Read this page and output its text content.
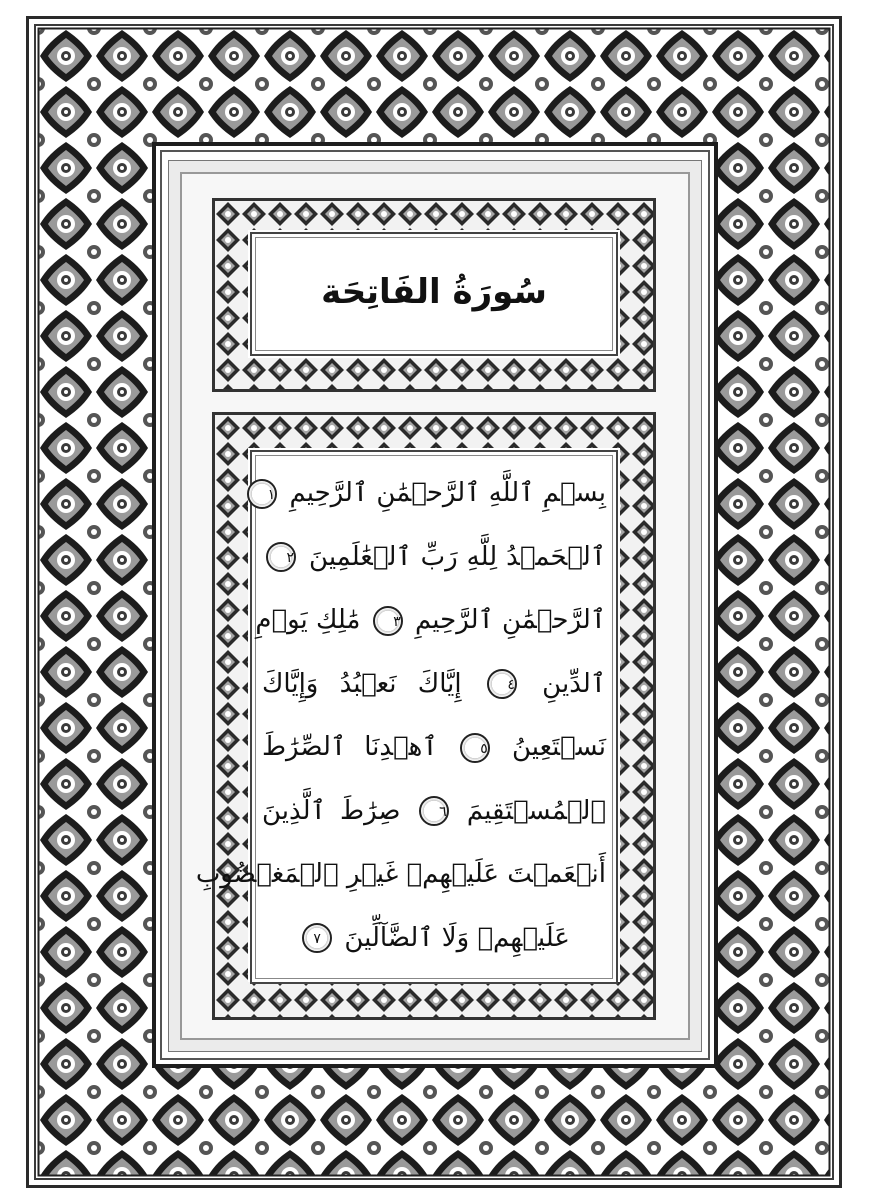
سُورَةُ الفَاتِحَة
بِسۡمِ ٱللَّهِ ٱلرَّحۡمَٰنِ ٱلرَّحِيمِ ١
ٱلۡحَمۡدُ لِلَّهِ رَبِّ ٱلۡعَٰلَمِينَ ٢
ٱلرَّحۡمَٰنِ ٱلرَّحِيمِ ٣ مَٰلِكِ يَوۡمِ
ٱلدِّينِ ٤ إِيَّاكَ نَعۡبُدُ وَإِيَّاكَ
نَسۡتَعِينُ ٥ ٱهۡدِنَا ٱلصِّرَٰطَ
ٱلۡمُسۡتَقِيمَ ٦ صِرَٰطَ ٱلَّذِينَ
أَنۡعَمۡتَ عَلَيۡهِمۡ غَيۡرِ ٱلۡمَغۡضُوبِ
عَلَيۡهِمۡ وَلَا ٱلضَّآلِّينَ ٧
